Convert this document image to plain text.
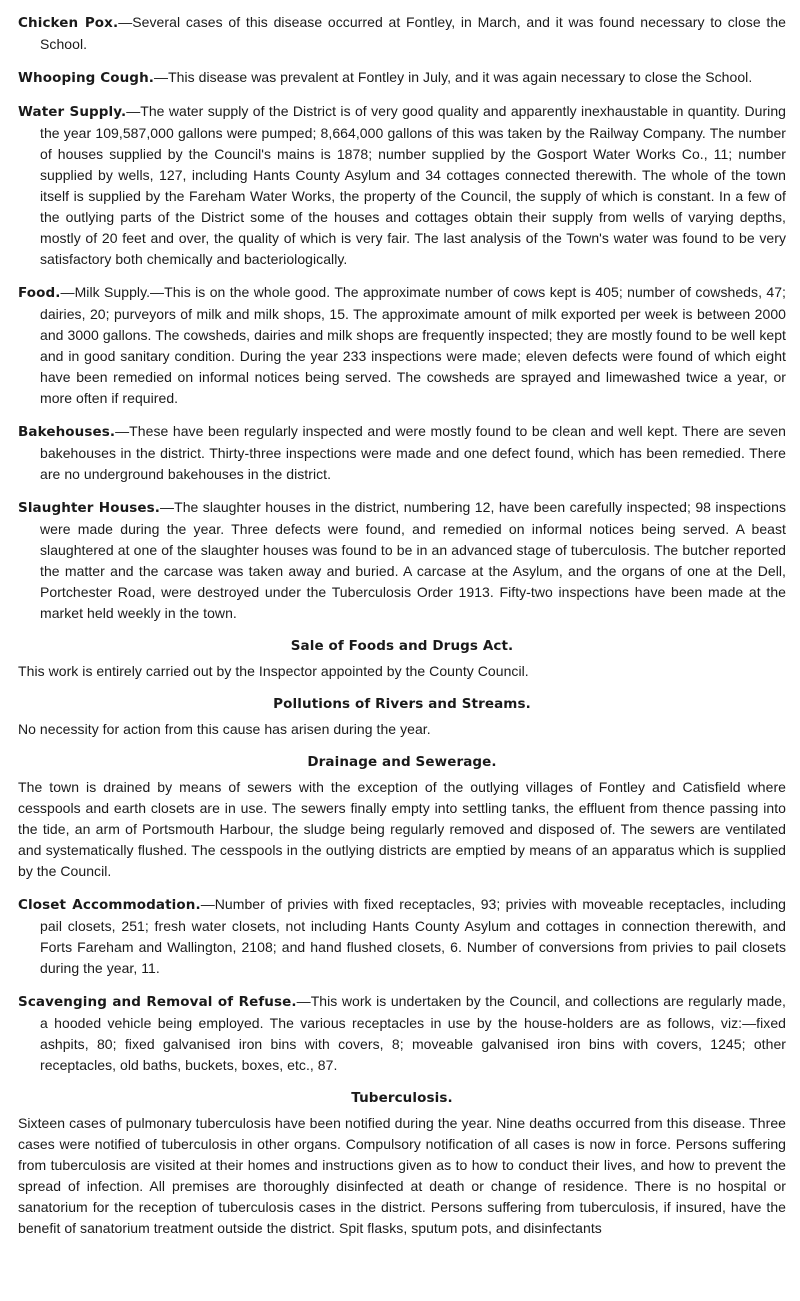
Chicken Pox.—Several cases of this disease occurred at Fontley, in March, and it was found necessary to close the School.

Whooping Cough.—This disease was prevalent at Fontley in July, and it was again necessary to close the School.

Water Supply.—The water supply of the District is of very good quality and apparently inexhaustable in quantity. During the year 109,587,000 gallons were pumped; 8,664,000 gallons of this was taken by the Railway Company. The number of houses supplied by the Council's mains is 1878; number supplied by the Gosport Water Works Co., 11; number supplied by wells, 127, including Hants County Asylum and 34 cottages connected therewith. The whole of the town itself is supplied by the Fareham Water Works, the property of the Council, the supply of which is constant. In a few of the outlying parts of the District some of the houses and cottages obtain their supply from wells of varying depths, mostly of 20 feet and over, the quality of which is very fair. The last analysis of the Town's water was found to be very satisfactory both chemically and bacteriologically.

Food.—Milk Supply.—This is on the whole good. The approximate number of cows kept is 405; number of cowsheds, 47; dairies, 20; purveyors of milk and milk shops, 15. The approximate amount of milk exported per week is between 2000 and 3000 gallons. The cowsheds, dairies and milk shops are frequently inspected; they are mostly found to be well kept and in good sanitary condition. During the year 233 inspections were made; eleven defects were found of which eight have been remedied on informal notices being served. The cowsheds are sprayed and limewashed twice a year, or more often if required.

Bakehouses.—These have been regularly inspected and were mostly found to be clean and well kept. There are seven bakehouses in the district. Thirty-three inspections were made and one defect found, which has been remedied. There are no underground bakehouses in the district.

Slaughter Houses.—The slaughter houses in the district, numbering 12, have been carefully inspected; 98 inspections were made during the year. Three defects were found, and remedied on informal notices being served. A beast slaughtered at one of the slaughter houses was found to be in an advanced stage of tuberculosis. The butcher reported the matter and the carcase was taken away and buried. A carcase at the Asylum, and the organs of one at the Dell, Portchester Road, were destroyed under the Tuberculosis Order 1913. Fifty-two inspections have been made at the market held weekly in the town.

Sale of Foods and Drugs Act.

This work is entirely carried out by the Inspector appointed by the County Council.

Pollutions of Rivers and Streams.

No necessity for action from this cause has arisen during the year.

Drainage and Sewerage.

The town is drained by means of sewers with the exception of the outlying villages of Fontley and Catisfield where cesspools and earth closets are in use. The sewers finally empty into settling tanks, the effluent from thence passing into the tide, an arm of Portsmouth Harbour, the sludge being regularly removed and disposed of. The sewers are ventilated and systematically flushed. The cesspools in the outlying districts are emptied by means of an apparatus which is supplied by the Council.

Closet Accommodation.—Number of privies with fixed receptacles, 93; privies with moveable receptacles, including pail closets, 251; fresh water closets, not including Hants County Asylum and cottages in connection therewith, and Forts Fareham and Wallington, 2108; and hand flushed closets, 6. Number of conversions from privies to pail closets during the year, 11.

Scavenging and Removal of Refuse.—This work is undertaken by the Council, and collections are regularly made, a hooded vehicle being employed. The various receptacles in use by the house-holders are as follows, viz:—fixed ashpits, 80; fixed galvanised iron bins with covers, 8; moveable galvanised iron bins with covers, 1245; other receptacles, old baths, buckets, boxes, etc., 87.

Tuberculosis.

Sixteen cases of pulmonary tuberculosis have been notified during the year. Nine deaths occurred from this disease. Three cases were notified of tuberculosis in other organs. Compulsory notification of all cases is now in force. Persons suffering from tuberculosis are visited at their homes and instructions given as to how to conduct their lives, and how to prevent the spread of infection. All premises are thoroughly disinfected at death or change of residence. There is no hospital or sanatorium for the reception of tuberculosis cases in the district. Persons suffering from tuberculosis, if insured, have the benefit of sanatorium treatment outside the district. Spit flasks, sputum pots, and disinfectants
